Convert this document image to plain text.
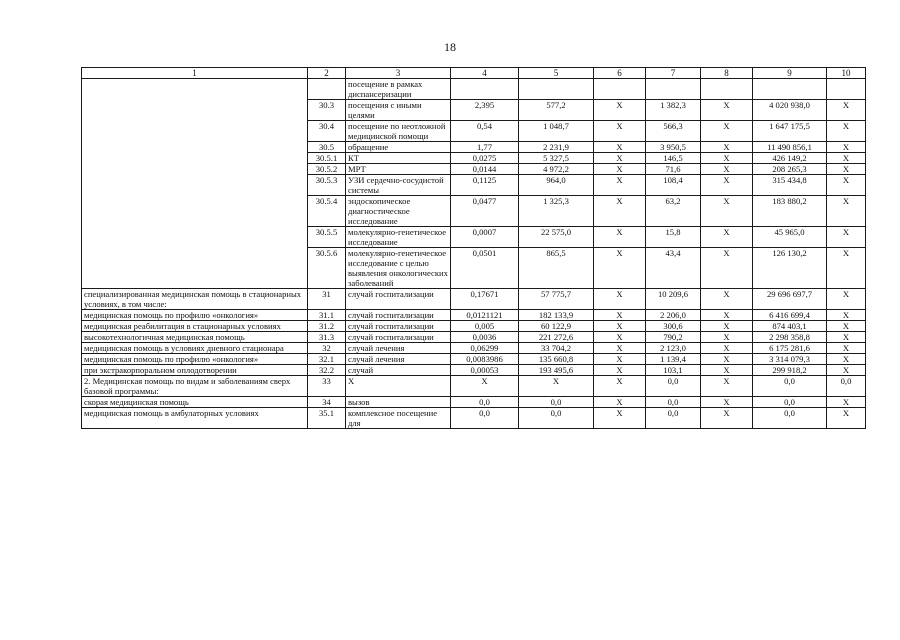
18
1	2	3	4	5	6	7	8	9	10
		посещение в рамках диспансеризации							
	30.3	посещения с иными целями	2,395	577,2	Х	1 382,3	Х	4 020 938,0	Х
	30.4	посещение по неотложной медицинской помощи	0,54	1 048,7	Х	566,3	Х	1 647 175,5	Х
	30.5	обращение	1,77	2 231,9	Х	3 950,5	Х	11 490 856,1	Х
	30.5.1	КТ	0,0275	5 327,5	Х	146,5	Х	426 149,2	Х
	30.5.2	МРТ	0,0144	4 972,2	Х	71,6	Х	208 265,3	Х
	30.5.3	УЗИ сердечно-сосудистой системы	0,1125	964,0	Х	108,4	Х	315 434,8	Х
	30.5.4	эндоскопическое диагностическое исследование	0,0477	1 325,3	Х	63,2	Х	183 880,2	Х
	30.5.5	молекулярно-генетическое исследование	0,0007	22 575,0	Х	15,8	Х	45 965,0	Х
	30.5.6	молекулярно-генетическое исследование с целью выявления онкологических заболеваний	0,0501	865,5	Х	43,4	Х	126 130,2	Х
специализированная медицинская помощь в стационарных условиях, в том числе:	31	случай госпитализации	0,17671	57 775,7	Х	10 209,6	Х	29 696 697,7	Х
медицинская помощь по профилю «онкология»	31.1	случай госпитализации	0,0121121	182 133,9	Х	2 206,0	Х	6 416 699,4	Х
медицинская реабилитация в стационарных условиях	31.2	случай госпитализации	0,005	60 122,9	Х	300,6	Х	874 403,1	Х
высокотехнологичная медицинская помощь	31.3	случай госпитализации	0,0036	221 272,6	Х	790,2	Х	2 298 358,8	Х
медицинская помощь в условиях дневного стационара	32	случай лечения	0,06299	33 704,2	Х	2 123,0	Х	6 175 281,6	Х
медицинская помощь по профилю «онкология»	32.1	случай лечения	0,0083986	135 660,8	Х	1 139,4	Х	3 314 079,3	Х
при экстракорпоральном оплодотворении	32.2	случай	0,00053	193 495,6	Х	103,1	Х	299 918,2	Х
2. Медицинская помощь по видам и заболеваниям сверх базовой программы:	33	Х	Х	Х	Х	0,0	Х	0,0	0,0
скорая медицинская помощь	34	вызов	0,0	0,0	Х	0,0	Х	0,0	Х
медицинская помощь в амбулаторных условиях	35.1	комплексное посещение для	0,0	0,0	Х	0,0	Х	0,0	Х
